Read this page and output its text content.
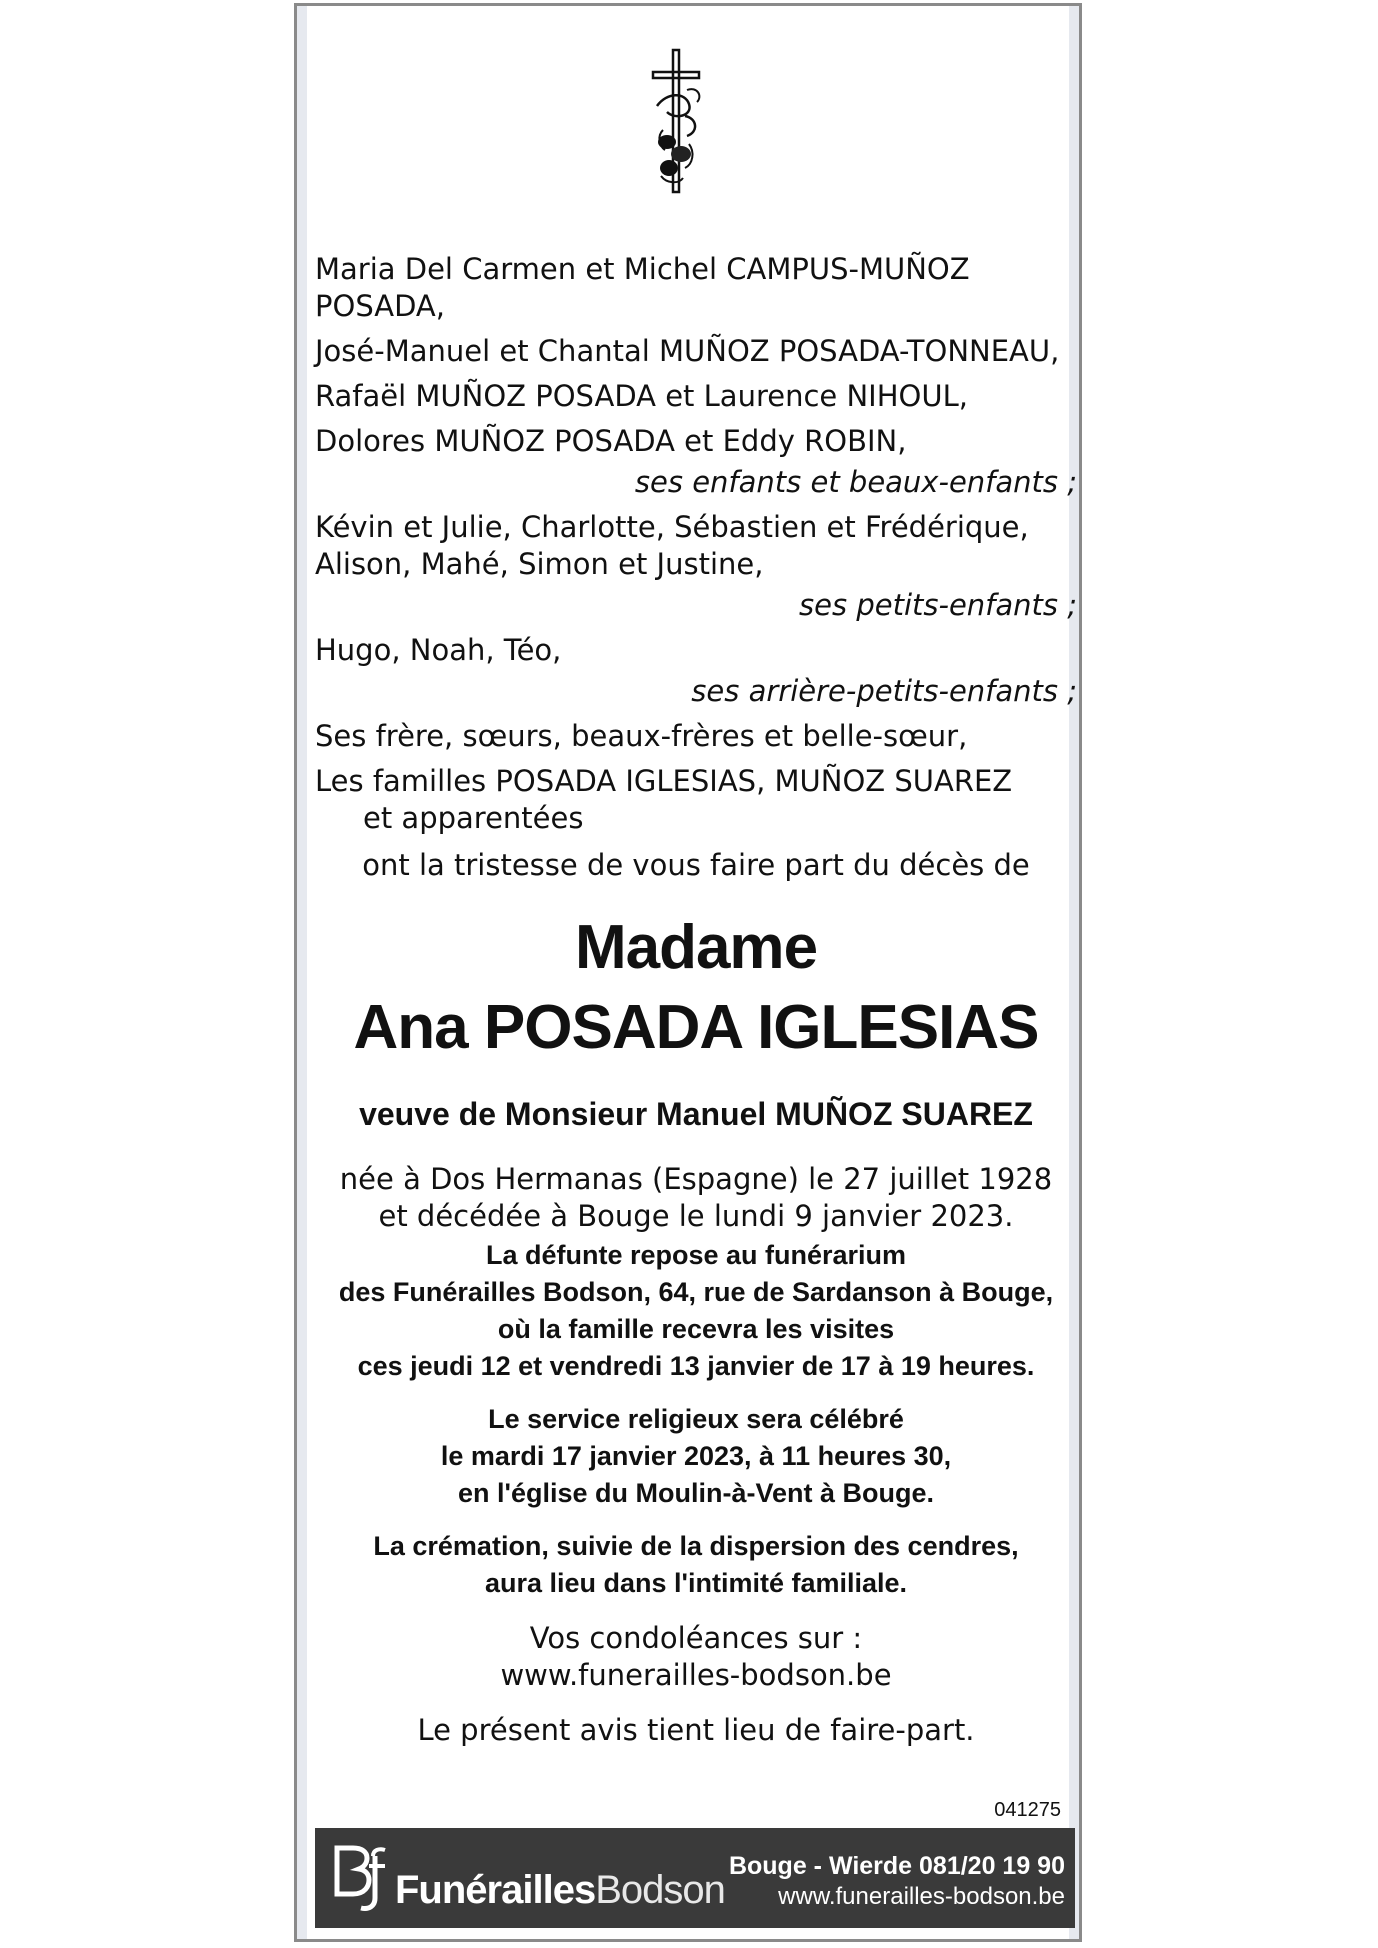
Maria Del Carmen et Michel CAMPUS-MUÑOZ
POSADA,
José-Manuel et Chantal MUÑOZ POSADA-TONNEAU,
Rafaël MUÑOZ POSADA et Laurence NIHOUL,
Dolores MUÑOZ POSADA et Eddy ROBIN,
ses enfants et beaux-enfants ;
Kévin et Julie, Charlotte, Sébastien et Frédérique,
Alison, Mahé, Simon et Justine,
ses petits-enfants ;
Hugo, Noah, Téo,
ses arrière-petits-enfants ;
Ses frère, sœurs, beaux-frères et belle-sœur,
Les familles POSADA IGLESIAS, MUÑOZ SUAREZ
et apparentées
ont la tristesse de vous faire part du décès de
Madame
Ana POSADA IGLESIAS
veuve de Monsieur Manuel MUÑOZ SUAREZ
née à Dos Hermanas (Espagne) le 27 juillet 1928
et décédée à Bouge le lundi 9 janvier 2023.
La défunte repose au funérarium
des Funérailles Bodson, 64, rue de Sardanson à Bouge,
où la famille recevra les visites
ces jeudi 12 et vendredi 13 janvier de 17 à 19 heures.
Le service religieux sera célébré
le mardi 17 janvier 2023, à 11 heures 30,
en l'église du Moulin-à-Vent à Bouge.
La crémation, suivie de la dispersion des cendres,
aura lieu dans l'intimité familiale.
Vos condoléances sur :
www.funerailles-bodson.be
Le présent avis tient lieu de faire-part.
041275
FunéraillesBodson
Bouge - Wierde 081/20 19 90
www.funerailles-bodson.be
